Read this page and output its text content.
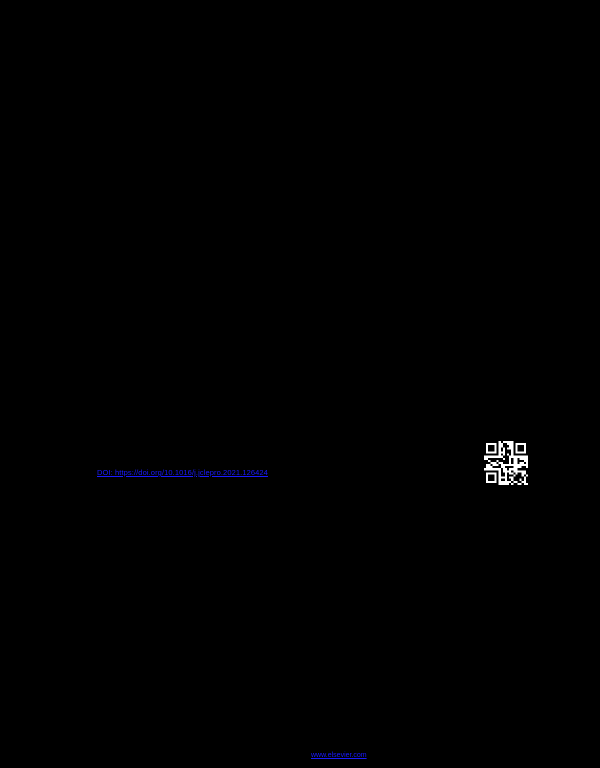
DOI: https://doi.org/10.1016/j.jclepro.2021.126424
www.elsevier.com
